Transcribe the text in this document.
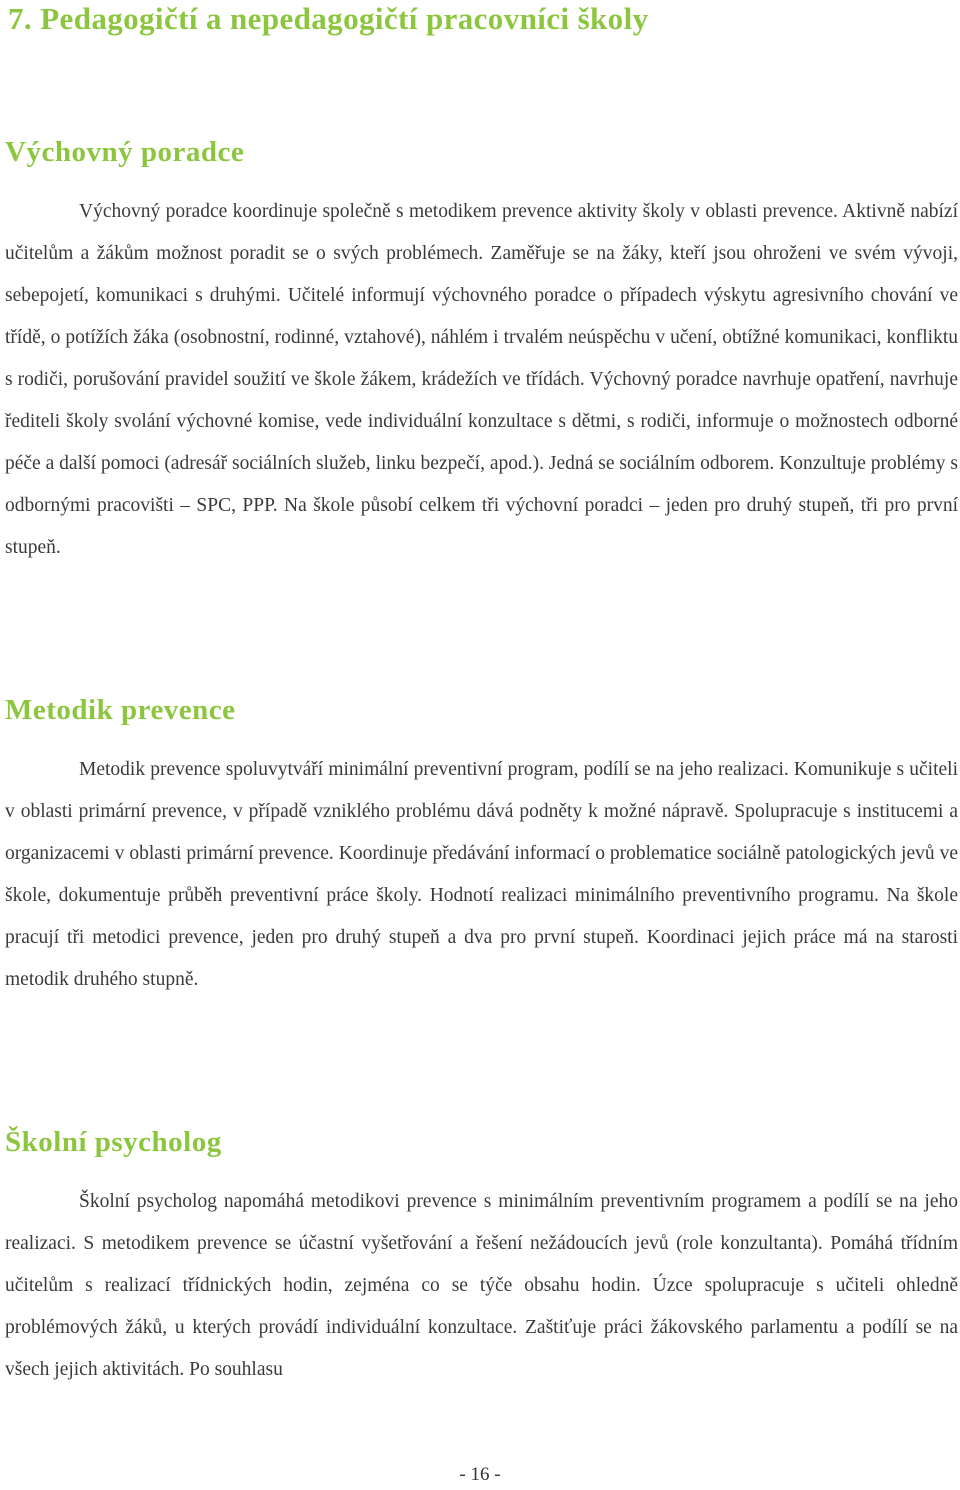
7. Pedagogičtí a nepedagogičtí pracovníci školy
Výchovný poradce

Výchovný poradce koordinuje společně s metodikem prevence aktivity školy v oblasti prevence. Aktivně nabízí učitelům a žákům možnost poradit se o svých problémech. Zaměřuje se na žáky, kteří jsou ohroženi ve svém vývoji, sebepojetí, komunikaci s druhými. Učitelé informují výchovného poradce o případech výskytu agresivního chování ve třídě, o potížích žáka (osobnostní, rodinné, vztahové), náhlém i trvalém neúspěchu v učení, obtížné komunikaci, konfliktu s rodiči, porušování pravidel soužití ve škole žákem, krádežích ve třídách. Výchovný poradce navrhuje opatření, navrhuje řediteli školy svolání výchovné komise, vede individuální konzultace s dětmi, s rodiči, informuje o možnostech odborné péče a další pomoci (adresář sociálních služeb, linku bezpečí, apod.). Jedná se sociálním odborem. Konzultuje problémy s odbornými pracovišti – SPC, PPP. Na škole působí celkem tři výchovní poradci – jeden pro druhý stupeň, tři pro první stupeň.

Metodik prevence

Metodik prevence spoluvytváří minimální preventivní program, podílí se na jeho realizaci. Komunikuje s učiteli v oblasti primární prevence, v případě vzniklého problému dává podněty k možné nápravě. Spolupracuje s institucemi a organizacemi v oblasti primární prevence. Koordinuje předávání informací o problematice sociálně patologických jevů ve škole, dokumentuje průběh preventivní práce školy. Hodnotí realizaci minimálního preventivního programu. Na škole pracují tři metodici prevence, jeden pro druhý stupeň a dva pro první stupeň. Koordinaci jejich práce má na starosti metodik druhého stupně.

Školní psycholog

Školní psycholog napomáhá metodikovi prevence s minimálním preventivním programem a podílí se na jeho realizaci. S metodikem prevence se účastní vyšetřování a řešení nežádoucích jevů (role konzultanta). Pomáhá třídním učitelům s realizací třídnických hodin, zejména co se týče obsahu hodin. Úzce spolupracuje s učiteli ohledně problémových žáků, u kterých provádí individuální konzultace. Zaštiťuje práci žákovského parlamentu a podílí se na všech jejich aktivitách. Po souhlasu

- 16 -
